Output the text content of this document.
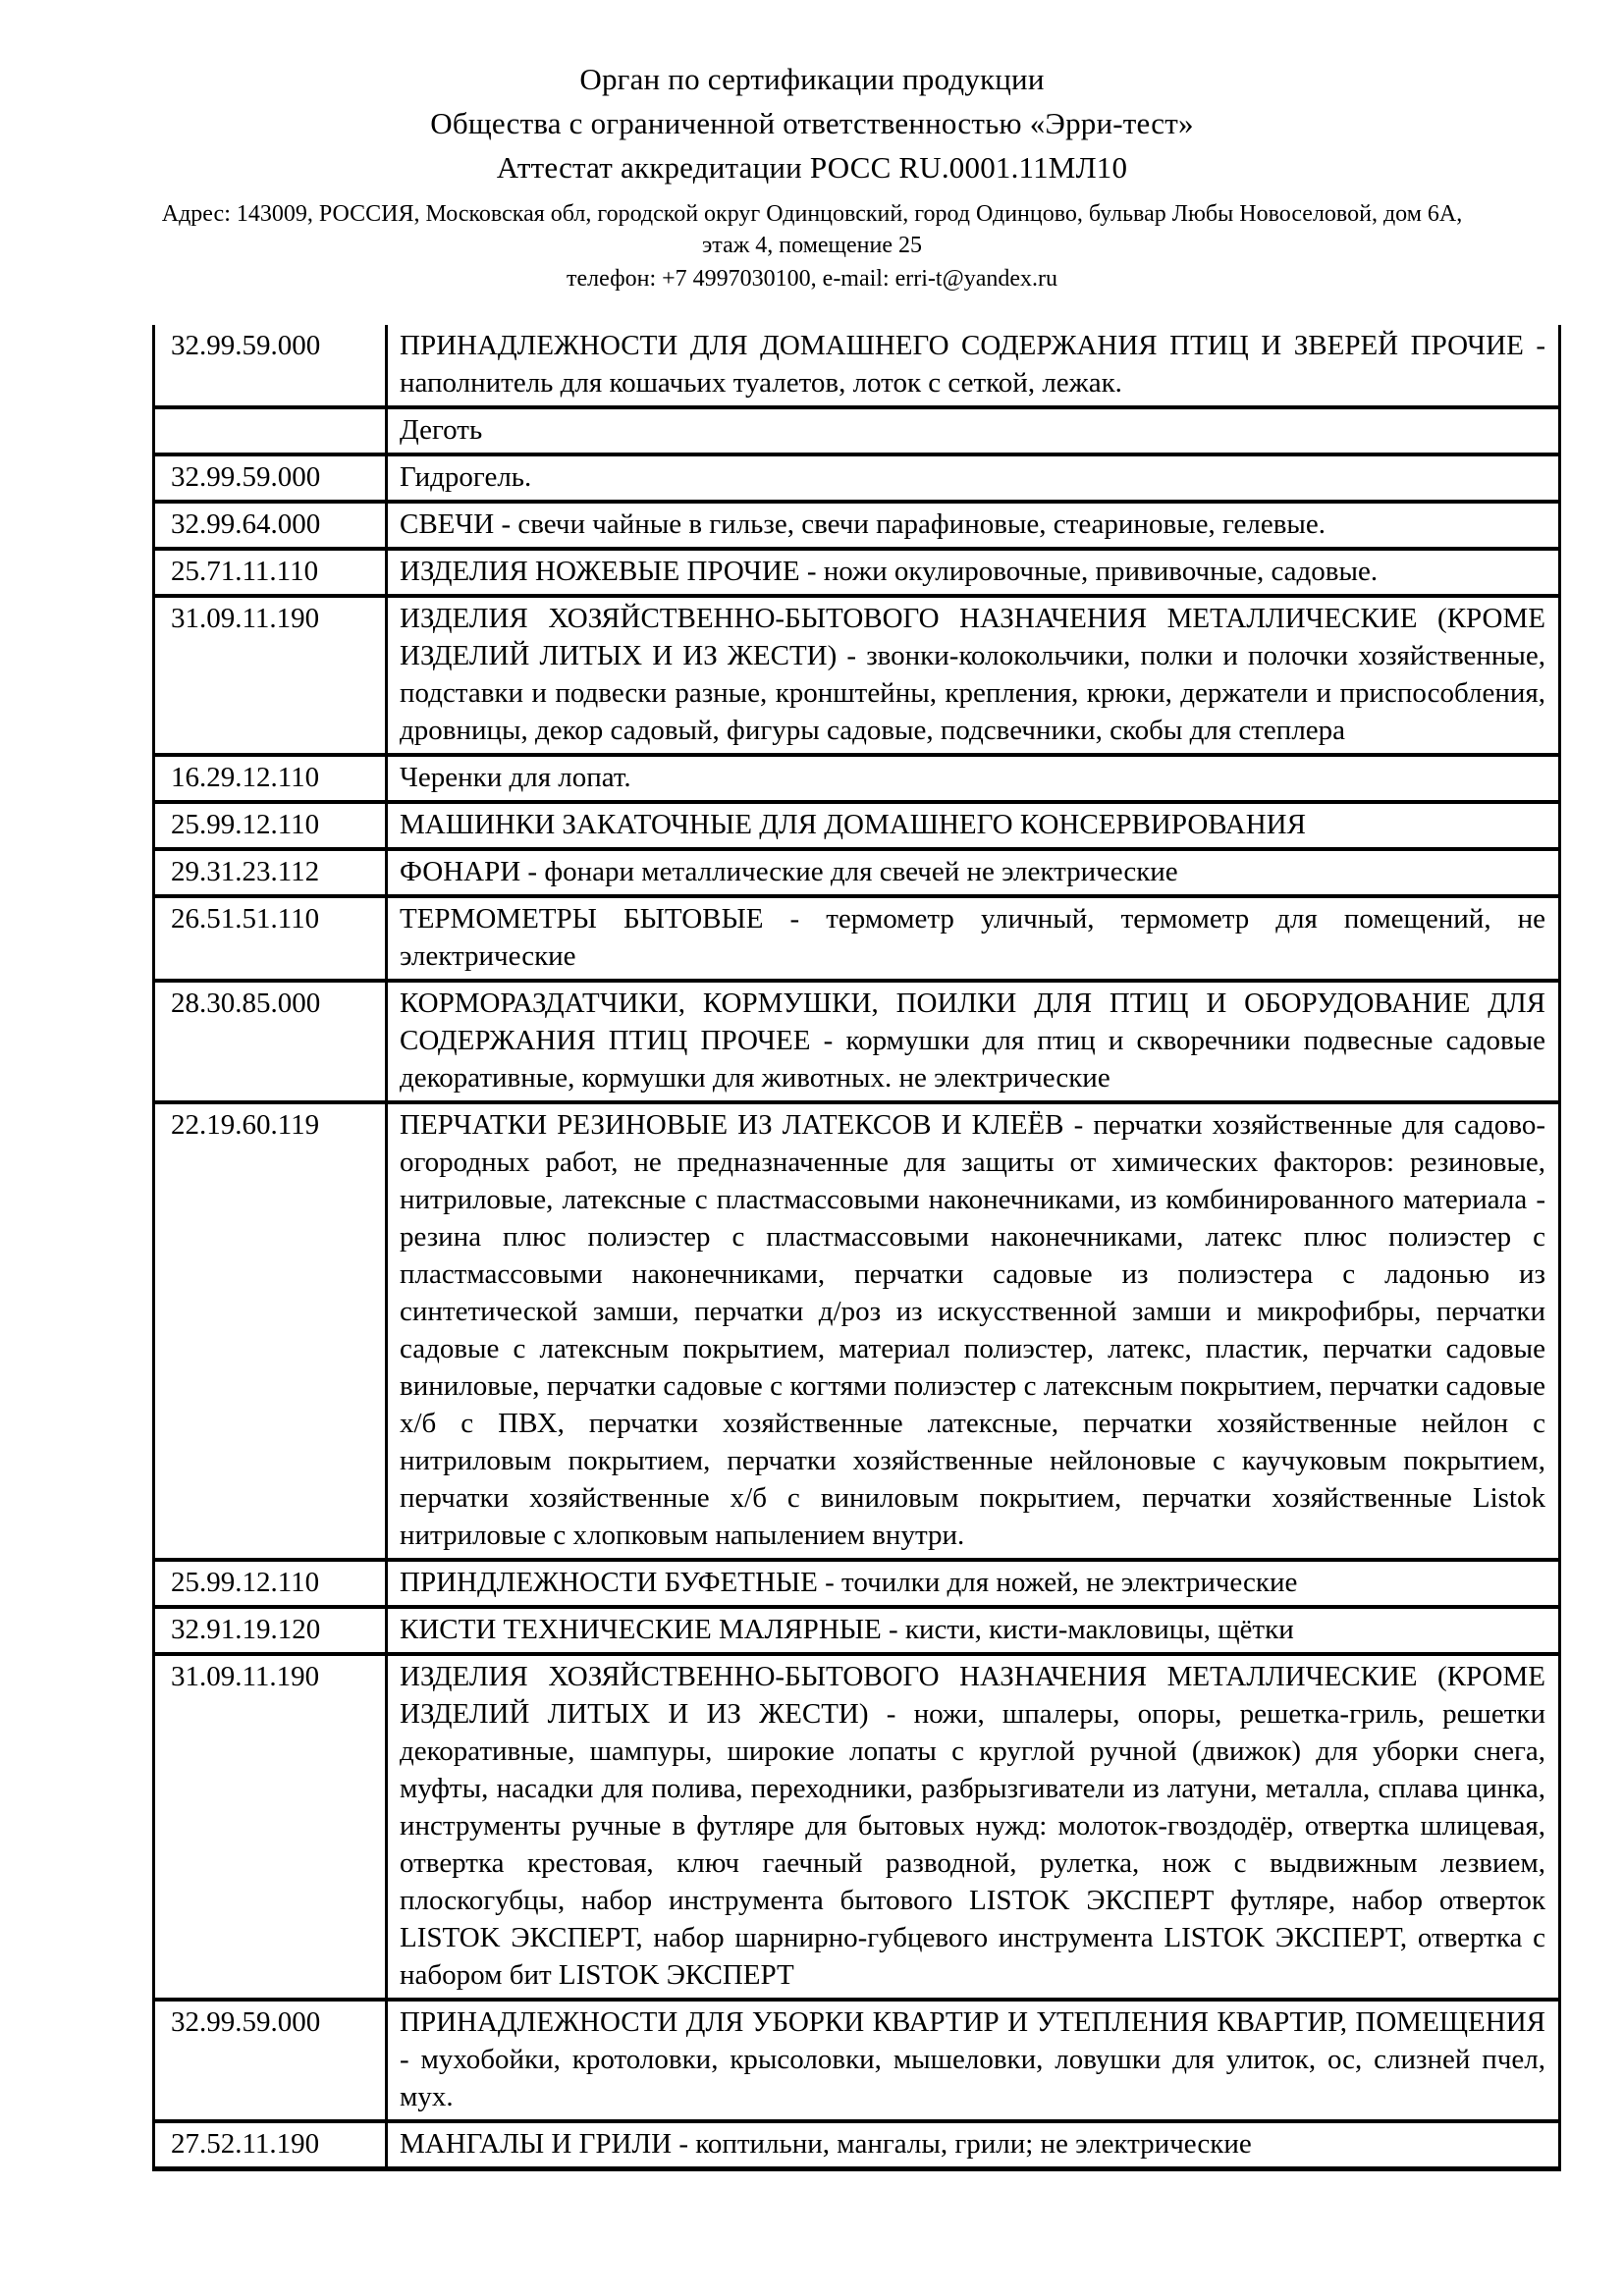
Орган по сертификации продукции
Общества с ограниченной ответственностью «Эрри-тест»
Аттестат аккредитации РОСС RU.0001.11МЛ10
Адрес: 143009, РОССИЯ, Московская обл, городской округ Одинцовский, город Одинцово, бульвар Любы Новоселовой, дом 6А, этаж 4, помещение 25
телефон: +7 4997030100, e-mail: erri-t@yandex.ru
32.99.59.000	ПРИНАДЛЕЖНОСТИ ДЛЯ ДОМАШНЕГО СОДЕРЖАНИЯ ПТИЦ И ЗВЕРЕЙ ПРОЧИЕ - наполнитель для кошачьих туалетов, лоток с сеткой, лежак.
	Деготь
32.99.59.000	Гидрогель.
32.99.64.000	СВЕЧИ - свечи чайные в гильзе, свечи парафиновые, стеариновые, гелевые.
25.71.11.110	ИЗДЕЛИЯ НОЖЕВЫЕ ПРОЧИЕ - ножи окулировочные, прививочные, садовые.
31.09.11.190	ИЗДЕЛИЯ ХОЗЯЙСТВЕННО-БЫТОВОГО НАЗНАЧЕНИЯ МЕТАЛЛИЧЕСКИЕ (КРОМЕ ИЗДЕЛИЙ ЛИТЫХ И ИЗ ЖЕСТИ) - звонки-колокольчики, полки и полочки хозяйственные, подставки и подвески разные, кронштейны, крепления, крюки, держатели и приспособления, дровницы, декор садовый, фигуры садовые, подсвечники, скобы для степлера
16.29.12.110	Черенки для лопат.
25.99.12.110	МАШИНКИ ЗАКАТОЧНЫЕ ДЛЯ ДОМАШНЕГО КОНСЕРВИРОВАНИЯ
29.31.23.112	ФОНАРИ - фонари металлические для свечей не электрические
26.51.51.110	ТЕРМОМЕТРЫ БЫТОВЫЕ - термометр уличный, термометр для помещений, не электрические
28.30.85.000	КОРМОРАЗДАТЧИКИ, КОРМУШКИ, ПОИЛКИ ДЛЯ ПТИЦ И ОБОРУДОВАНИЕ ДЛЯ СОДЕРЖАНИЯ ПТИЦ ПРОЧЕЕ - кормушки для птиц и скворечники подвесные садовые декоративные, кормушки для животных. не электрические
22.19.60.119	ПЕРЧАТКИ РЕЗИНОВЫЕ ИЗ ЛАТЕКСОВ И КЛЕЁВ - перчатки хозяйственные для садово-огородных работ, не предназначенные для защиты от химических факторов: резиновые, нитриловые, латексные с пластмассовыми наконечниками, из комбинированного материала - резина плюс полиэстер с пластмассовыми наконечниками, латекс плюс полиэстер с пластмассовыми наконечниками, перчатки садовые из полиэстера с ладонью из синтетической замши, перчатки д/роз из искусственной замши и микрофибры, перчатки садовые с латексным покрытием, материал полиэстер, латекс, пластик, перчатки садовые виниловые, перчатки садовые с когтями полиэстер с латексным покрытием, перчатки садовые х/б с ПВХ, перчатки хозяйственные латексные, перчатки хозяйственные нейлон с нитриловым покрытием, перчатки хозяйственные нейлоновые с каучуковым покрытием, перчатки хозяйственные х/б с виниловым покрытием, перчатки хозяйственные Listok нитриловые с хлопковым напылением внутри.
25.99.12.110	ПРИНДЛЕЖНОСТИ БУФЕТНЫЕ - точилки для ножей, не электрические
32.91.19.120	КИСТИ ТЕХНИЧЕСКИЕ МАЛЯРНЫЕ - кисти, кисти-макловицы, щётки
31.09.11.190	ИЗДЕЛИЯ ХОЗЯЙСТВЕННО-БЫТОВОГО НАЗНАЧЕНИЯ МЕТАЛЛИЧЕСКИЕ (КРОМЕ ИЗДЕЛИЙ ЛИТЫХ И ИЗ ЖЕСТИ) - ножи, шпалеры, опоры, решетка-гриль, решетки декоративные, шампуры, широкие лопаты с круглой ручной (движок) для уборки снега, муфты, насадки для полива, переходники, разбрызгиватели из латуни, металла, сплава цинка, инструменты ручные в футляре для бытовых нужд: молоток-гвоздодёр, отвертка шлицевая, отвертка крестовая, ключ гаечный разводной, рулетка, нож с выдвижным лезвием, плоскогубцы, набор инструмента бытового LISTOK ЭКСПЕРТ футляре, набор отверток LISTOK ЭКСПЕРТ, набор шарнирно-губцевого инструмента LISTOK ЭКСПЕРТ, отвертка с набором бит LISTOK ЭКСПЕРТ
32.99.59.000	ПРИНАДЛЕЖНОСТИ ДЛЯ УБОРКИ КВАРТИР И УТЕПЛЕНИЯ КВАРТИР, ПОМЕЩЕНИЯ - мухобойки, кротоловки, крысоловки, мышеловки, ловушки для улиток, ос, слизней пчел, мух.
27.52.11.190	МАНГАЛЫ И ГРИЛИ - коптильни, мангалы, грили; не электрические
